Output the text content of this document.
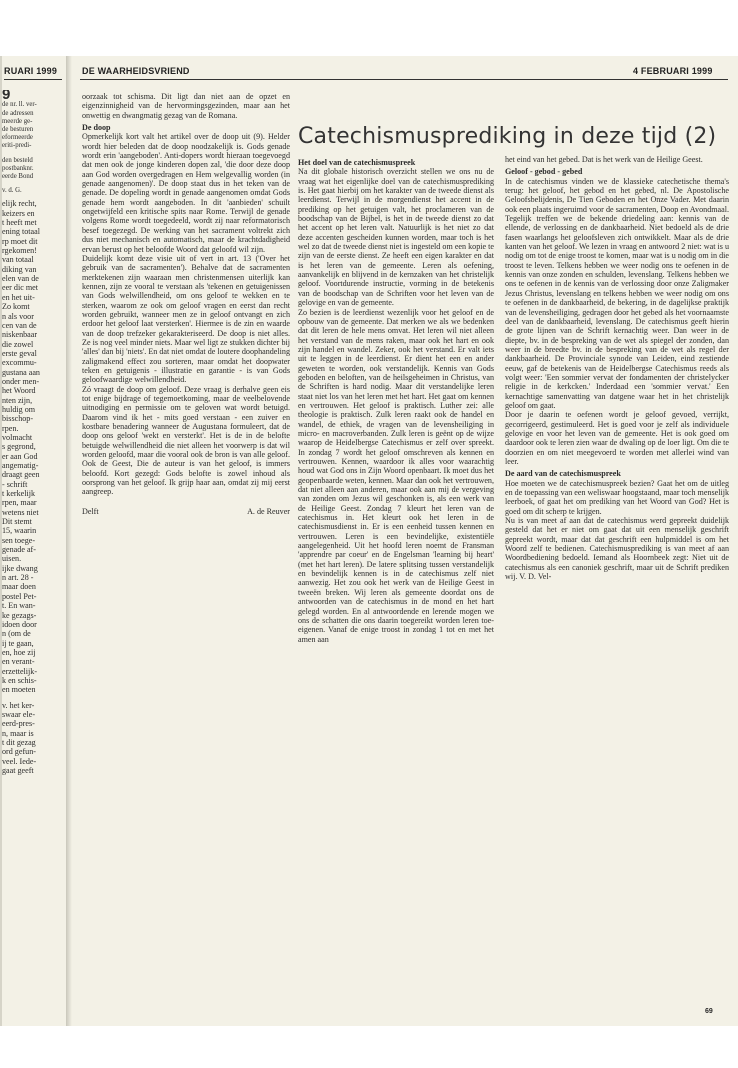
RUARI 1999	DE WAARHEIDSVRIEND	4 FEBRUARI 1999
9
de nr. ll. ver-
de adressen
meerde ge-
de besturen
eformeerde
eriti-predi-
den besteld
postbanknr.
eerde Bond
v. d. G.
elijk recht,
keizers en
t heeft met
ening totaal
rp moet dit
rgekomen!
van totaal
diking van
elen van de
eer dic met
en het uit-
Zo komt
n als voor
cen van de
niskenbaar
die zowel
erste geval
excommu-
gustana aan
onder men-
het Woord
nten zijn,
huldig om
bisschop-
rpen.
volmacht
s gegrond,
er aan God
angematig-
draagt geen
- schrift
t kerkelijk
rpen, maar
wetens niet
Dit stemt
15, waarin
sen toege-
genade af-
uisen.
ijke dwang
n art. 28 -
maar doen
postel Pet-
t. En wan-
ke gezags-
idoen door
n (om de
ij te gaan,
en, hoe zij
en verant-
erzettelijk-
k en schis-
en moeten
v. het ker-
swaar ele-
eerd-pres-
n, maar is
t dit gezag
ord gefun-
veel. Iede-
gaat geeft
Catechismusprediking in deze tijd (2)

oorzaak tot schisma. Dit ligt dan niet aan de opzet en eigenzinnigheid van de hervormingsgezinden, maar aan het onwettig en dwangmatig gezag van de Romana.

De doop

Opmerkelijk kort valt het artikel over de doop uit (9). Helder wordt hier beleden dat de doop noodzakelijk is. Gods genade wordt erin 'aangeboden'. Anti-dopers wordt hieraan toegevoegd dat men ook de jonge kinderen dopen zal, 'die door deze doop aan God worden overgedragen en Hem welgevallig worden (in genade aangenomen)'. De doop staat dus in het teken van de genade. De dopeling wordt in genade aangenomen omdat Gods genade hem wordt aangeboden. In dit 'aanbieden' schuilt ongetwijfeld een kritische spits naar Rome. Terwijl de genade volgens Rome wordt toegedeeld, wordt zij naar reformatorisch besef toegezegd. De werking van het sacrament voltrekt zich dus niet mechanisch en automatisch, maar de krachtdadigheid ervan berust op het beloofde Woord dat geloofd wil zijn.

Duidelijk komt deze visie uit of vert in art. 13 ('Over het gebruik van de sacramenten'). Behalve dat de sacramenten merktekenen zijn waaraan men christenmensen uiterlijk kan kennen, zijn ze vooral te verstaan als 'tekenen en getuigenissen van Gods welwillendheid, om ons geloof te wekken en te sterken, waarom ze ook om geloof vragen en eerst dan recht worden gebruikt, wanneer men ze in geloof ontvangt en zich erdoor het geloof laat versterken'. Hiermee is de zin en waarde van de doop trefzeker gekarakteriseerd. De doop is niet alles. Ze is nog veel minder niets. Maar wel ligt ze stukken dichter bij 'alles' dan bij 'niets'. En dat niet omdat de loutere doophandeling zaligmakend effect zou sorteren, maar omdat het doopwater teken en getuigenis - illustratie en garantie - is van Gods geloofwaardige welwillendheid.

Zó vraagt de doop om geloof. Deze vraag is derhalve geen eis tot enige bijdrage of tegemoetkoming, maar de veelbelovende uitnodiging en permissie om te geloven wat wordt betuigd. Daarom vind ik het - mits goed verstaan - een zuiver en kostbare benadering wanneer de Augustana formuleert, dat de doop ons geloof 'wekt en versterkt'. Het is de in de belofte betuigde welwillendheid die niet alleen het voorwerp is dat wil worden geloofd, maar die vooral ook de bron is van alle geloof. Ook de Geest, Die de auteur is van het geloof, is immers beloofd. Kort gezegd: Gods belofte is zowel inhoud als oorsprong van het geloof. Ik grijp haar aan, omdat zij mij eerst aangreep.

Delft	A. de Reuver

Het doel van de catechismuspreek

Na dit globale historisch overzicht stellen we ons nu de vraag wat het eigenlijke doel van de catechismusprediking is. Het gaat hierbij om het karakter van de tweede dienst als leerdienst. Terwijl in de morgendienst het accent in de prediking op het getuigen valt, het proclameren van de boodschap van de Bijbel, is het in de tweede dienst zo dat het accent op het leren valt. Natuurlijk is het niet zo dat deze accenten gescheiden kunnen worden, maar toch is het wel zo dat de tweede dienst niet is ingesteld om een kopie te zijn van de eerste dienst. Ze heeft een eigen karakter en dat is het leren van de gemeente. Leren als oefening, aanvankelijk en blijvend in de kernzaken van het christelijk geloof. Voortdurende instructie, vorming in de betekenis van de boodschap van de Schriften voor het leven van de gelovige en van de gemeente.

Zo bezien is de leerdienst wezenlijk voor het geloof en de opbouw van de gemeente. Dat merken we als we bedenken dat dit leren de hele mens omvat. Het leren wil niet alleen het verstand van de mens raken, maar ook het hart en ook zijn handel en wandel. Zeker, ook het verstand. Er valt iets uit te leggen in de leerdienst. Er dient het een en ander geweten te worden, ook verstandelijk. Kennis van Gods geboden en beloften, van de heilsgeheimen in Christus, van de Schriften is hard nodig. Maar dit verstandelijke leren staat niet los van het leren met het hart. Het gaat om kennen en vertrouwen. Het geloof is praktisch. Luther zei: alle theologie is praktisch. Zulk leren raakt ook de handel en wandel, de ethiek, de vragen van de levensheiliging in micro- en macroverbanden. Zulk leren is geënt op de wijze waarop de Heidelbergse Catechismus er zelf over spreekt. In zondag 7 wordt het geloof omschreven als kennen en vertrouwen. Kennen, waardoor ik alles voor waarachtig houd wat God ons in Zijn Woord openbaart. Ik moet dus het geopenbaarde weten, kennen. Maar dan ook het vertrouwen, dat niet alleen aan anderen, maar ook aan mij de vergeving van zonden om Jezus wil geschonken is, als een werk van de Heilige Geest. Zondag 7 kleurt het leren van de catechismus in. Het kleurt ook het leren in de catechismusdienst in. Er is een eenheid tussen kennen en vertrouwen. Leren is een bevindelijke, existentiële aangelegenheid. Uit het hoofd leren noemt de Fransman 'apprendre par coeur' en de Engelsman 'learning bij heart' (met het hart leren). De latere splitsing tussen verstandelijk en bevindelijk kennen is in de catechismus zelf niet aanwezig. Het zou ook het werk van de Heilige Geest in tweeën breken. Wij leren als gemeente doordat ons de antwoorden van de catechismus in de mond en het hart gelegd worden. En al antwoordende en lerende mogen we ons de schatten die ons daarin toegereikt worden leren toe-eigenen. Vanaf de enige troost in zondag 1 tot en met het amen aan

het eind van het gebed. Dat is het werk van de Heilige Geest.

Geloof - gebod - gebed

In de catechismus vinden we de klassieke catechetische thema's terug: het geloof, het gebod en het gebed, nl. De Apostolische Geloofsbelijdenis, De Tien Geboden en het Onze Vader. Met daarin ook een plaats ingeruimd voor de sacramenten, Doop en Avondmaal. Tegelijk treffen we de bekende driedeling aan: kennis van de ellende, de verlossing en de dankbaarheid. Niet bedoeld als de drie fasen waarlangs het geloofsleven zich ontwikkelt. Maar als de drie kanten van het geloof. We lezen in vraag en antwoord 2 niet: wat is u nodig om tot de enige troost te komen, maar wat is u nodig om in die troost te leven. Telkens hebben we weer nodig ons te oefenen in de kennis van onze zonden en schulden, levenslang. Telkens hebben we ons te oefenen in de kennis van de verlossing door onze Zaligmaker Jezus Christus, levenslang en telkens hebben we weer nodig om ons te oefenen in de dankbaarheid, de bekering, in de dagelijkse praktijk van de levensheiliging, gedragen door het gebed als het voornaamste deel van de dankbaarheid, levenslang. De catechismus geeft hierin de grote lijnen van de Schrift kernachtig weer. Dan weer in de diepte, bv. in de bespreking van de wet als spiegel der zonden, dan weer in de breedte bv. in de bespreking van de wet als regel der dankbaarheid. De Provinciale synode van Leiden, eind zestiende eeuw, gaf de betekenis van de Heidelbergse Catechismus reeds als volgt weer: 'Een sommier vervat der fondamenten der christelycker religie in de kerkcken.' Inderdaad een 'sommier vervat.' Een kernachtige samenvatting van datgene waar het in het christelijk geloof om gaat.

Door je daarin te oefenen wordt je geloof gevoed, verrijkt, gecorrigeerd, gestimuleerd. Het is goed voor je zelf als individuele gelovige en voor het leven van de gemeente. Het is ook goed om daardoor ook te leren zien waar de dwaling op de loer ligt. Om die te doorzien en om niet meegevoerd te worden met allerlei wind van leer.

De aard van de catechismuspreek

Hoe moeten we de catechismuspreek bezien? Gaat het om de uitleg en de toepassing van een weliswaar hoogstaand, maar toch menselijk leerboek, of gaat het om prediking van het Woord van God? Het is goed om dit scherp te krijgen.

Nu is van meet af aan dat de catechismus werd gepreekt duidelijk gesteld dat het er niet om gaat dat uit een menselijk geschrift gepreekt wordt, maar dat dat geschrift een hulpmiddel is om het Woord zelf te bedienen. Catechismusprediking is van meet af aan Woordbediening bedoeld. Iemand als Hoornbeek zegt: Niet uit de catechismus als een canoniek geschrift, maar uit de Schrift prediken wij. V. D. Vel-

69
